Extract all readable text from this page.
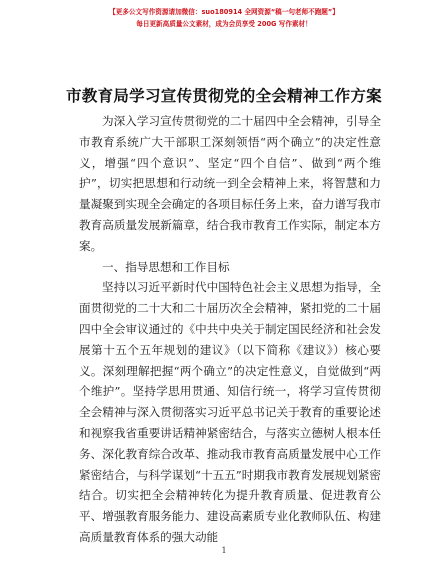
【更多公文写作资源请加微信：suo180914 全网资源“稿一句老师不跑题”】
每日更新高质量公文素材，成为会员享受 200G 写作素材！
市教育局学习宣传贯彻党的全会精神工作方案

为深入学习宣传贯彻党的二十届四中全会精神，引导全市教育系统广大干部职工深刻领悟“两个确立”的决定性意义，增强“四个意识”、坚定“四个自信”、做到“两个维护”，切实把思想和行动统一到全会精神上来，将智慧和力量凝聚到实现全会确定的各项目标任务上来，奋力谱写我市教育高质量发展新篇章，结合我市教育工作实际，制定本方案。

一、指导思想和工作目标

坚持以习近平新时代中国特色社会主义思想为指导，全面贯彻党的二十大和二十届历次全会精神，紧扣党的二十届四中全会审议通过的《中共中央关于制定国民经济和社会发展第十五个五年规划的建议》（以下简称《建议》）核心要义。深刻理解把握“两个确立”的决定性意义，自觉做到“两个维护”。坚持学思用贯通、知信行统一，将学习宣传贯彻全会精神与深入贯彻落实习近平总书记关于教育的重要论述和视察我省重要讲话精神紧密结合，与落实立德树人根本任务、深化教育综合改革、推动我市教育高质量发展中心工作紧密结合，与科学谋划“十五五”时期我市教育发展规划紧密结合。切实把全会精神转化为提升教育质量、促进教育公平、增强教育服务能力、建设高素质专业化教师队伍、构建高质量教育体系的强大动能

1
